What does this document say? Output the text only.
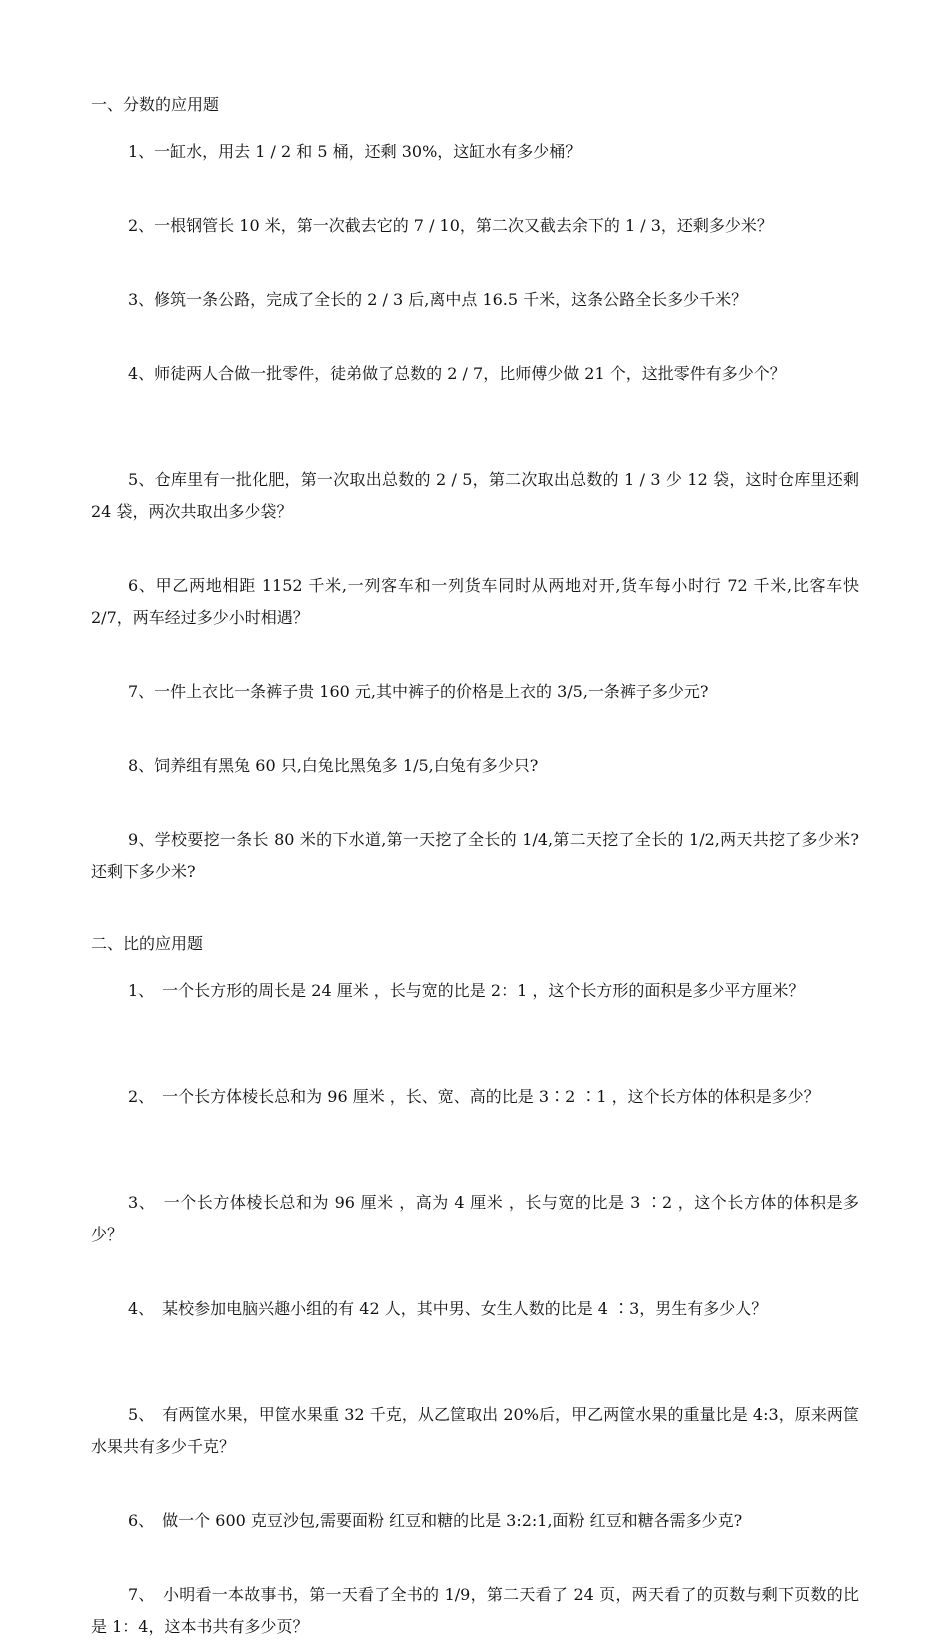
一、分数的应用题
1、一缸水，用去 1 / 2 和 5 桶，还剩 30%，这缸水有多少桶？
2、一根钢管长 10 米，第一次截去它的 7 / 10，第二次又截去余下的 1 / 3，还剩多少米？
3、修筑一条公路，完成了全长的 2 / 3 后,离中点 16.5 千米，这条公路全长多少千米？
4、师徒两人合做一批零件，徒弟做了总数的 2 / 7，比师傅少做 21 个，这批零件有多少个？
5、仓库里有一批化肥，第一次取出总数的 2 / 5，第二次取出总数的 1 / 3 少 12 袋，这时仓库里还剩 24 袋，两次共取出多少袋？
6、甲乙两地相距 1152 千米,一列客车和一列货车同时从两地对开,货车每小时行 72 千米,比客车快 2/7，两车经过多少小时相遇？
7、一件上衣比一条裤子贵 160 元,其中裤子的价格是上衣的 3/5,一条裤子多少元?
8、饲养组有黑兔 60 只,白兔比黑兔多 1/5,白兔有多少只?
9、学校要挖一条长 80 米的下水道,第一天挖了全长的 1/4,第二天挖了全长的 1/2,两天共挖了多少米?还剩下多少米?
二、比的应用题
1、　一个长方形的周长是 24 厘米 ，长与宽的比是 2：1 ，这个长方形的面积是多少平方厘米？
2、　一个长方体棱长总和为 96 厘米 ，长、宽、高的比是 3∶2 ∶1 ，这个长方体的体积是多少？
3、　一个长方体棱长总和为 96 厘米 ，高为 4 厘米 ，长与宽的比是 3 ∶2 ，这个长方体的体积是多少？
4、　某校参加电脑兴趣小组的有 42 人，其中男、女生人数的比是 4 ∶3，男生有多少人？
5、　有两筐水果，甲筐水果重 32 千克，从乙筐取出 20%后，甲乙两筐水果的重量比是 4:3，原来两筐水果共有多少千克？
6、　做一个 600 克豆沙包,需要面粉 红豆和糖的比是 3:2:1,面粉 红豆和糖各需多少克?
7、　小明看一本故事书，第一天看了全书的 1/9，第二天看了 24 页，两天看了的页数与剩下页数的比是 1：4，这本书共有多少页？
